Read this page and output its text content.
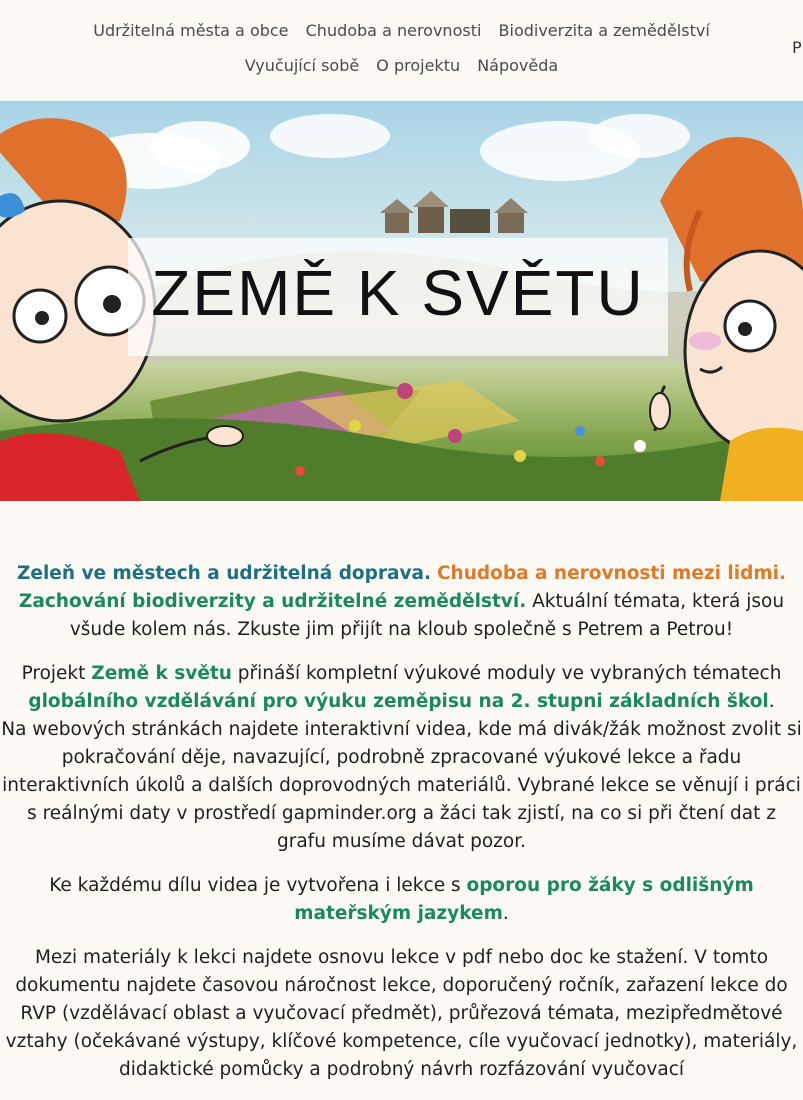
Udržitelná města a obce Chudoba a nerovnosti Biodiverzita a zemědělství
Vyučující sobě O projektu Nápověda
P
ZEMĚ K SVĚTU

Zeleň ve městech a udržitelná doprava. Chudoba a nerovnosti mezi lidmi.
Zachování biodiverzity a udržitelné zemědělství. Aktuální témata, která jsou všude kolem nás. Zkuste jim přijít na kloub společně s Petrem a Petrou!

Projekt Země k světu přináší kompletní výukové moduly ve vybraných tématech
globálního vzdělávání pro výuku zeměpisu na 2. stupni základních škol.
Na webových stránkách najdete interaktivní videa, kde má divák/žák možnost zvolit si pokračování děje, navazující, podrobně zpracované výukové lekce a řadu interaktivních úkolů a dalších doprovodných materiálů. Vybrané lekce se věnují i práci s reálnými daty v prostředí gapminder.org a žáci tak zjistí, na co si při čtení dat z grafu musíme dávat pozor.

Ke každému dílu videa je vytvořena i lekce s oporou pro žáky s odlišným mateřským jazykem.

Mezi materiály k lekci najdete osnovu lekce v pdf nebo doc ke stažení. V tomto dokumentu najdete časovou náročnost lekce, doporučený ročník, zařazení lekce do RVP (vzdělávací oblast a vyučovací předmět), průřezová témata, mezipředmětové vztahy (očekávané výstupy, klíčové kompetence, cíle vyučovací jednotky), materiály, didaktické pomůcky a podrobný návrh rozfázování vyučovací
